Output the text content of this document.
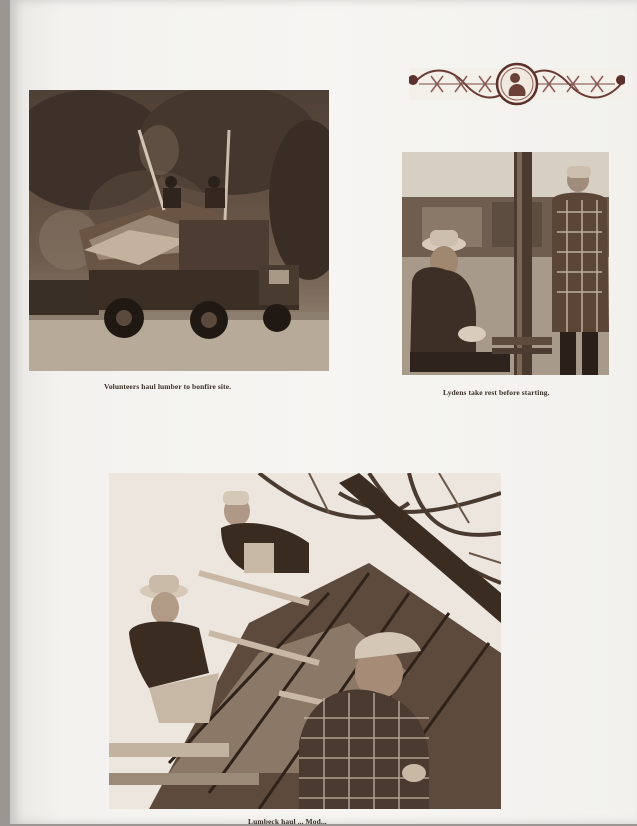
Volunteers haul lumber to bonfire site.
Lydens take rest before starting.
Lumbeck haul ... Mod...
